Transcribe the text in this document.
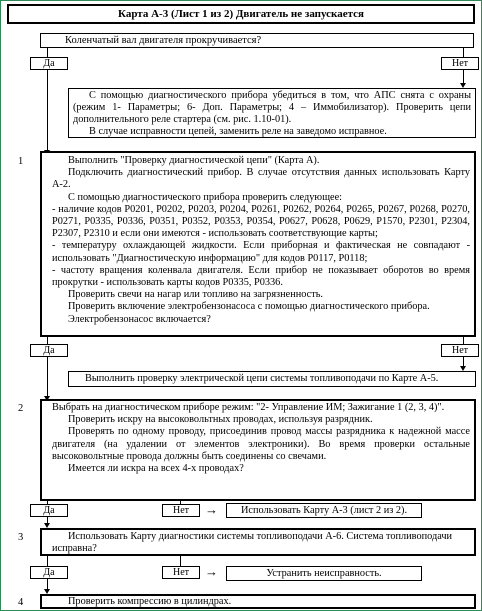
Карта А-3 (Лист 1 из 2) Двигатель не запускается
Коленчатый вал двигателя прокручивается?
Да	Нет

С помощью диагностического прибора убедиться в том, что АПС снята с охраны (режим 1- Параметры; 6- Доп. Параметры; 4 – Иммобилизатор). Проверить цепи дополнительного реле стартера (см. рис. 1.10-01).

В случае исправности цепей, заменить реле на заведомо исправное.

1	Выполнить "Проверку диагностической цепи" (Карта А).

Подключить диагностический прибор. В случае отсутствия данных использовать Карту А-2.

С помощью диагностического прибора проверить следующее:

- наличие кодов P0201, P0202, P0203, P0204, P0261, P0262, P0264, P0265, P0267, P0268, P0270, P0271, P0335, P0336, P0351, P0352, P0353, P0354, P0627, P0628, P0629, P1570, P2301, P2304, P2307, P2310 и если они имеются - использовать соответствующие карты;

- температуру охлаждающей жидкости. Если приборная и фактическая не совпадают - использовать "Диагностическую информацию" для кодов P0117, P0118;

- частоту вращения коленвала двигателя. Если прибор не показывает оборотов во время прокрутки - использовать карты кодов P0335, P0336.

Проверить свечи на нагар или топливо на загрязненность.

Проверить включение электробензонасоса с помощью диагностического прибора.

Электробензонасос включается?

Да	Нет
Выполнить проверку электрической цепи системы топливоподачи по Карте А-5.
2	Выбрать на диагностическом приборе режим: "2- Управление ИМ; Зажигание 1 (2, 3, 4)".

Проверить искру на высоковольтных проводах, используя разрядник.

Проверять по одному проводу, присоединив провод массы разрядника к надежной массе двигателя (на удалении от элементов электроники). Во время проверки остальные высоковольтные провода должны быть соединены со свечами.

Имеется ли искра на всех 4-х проводах?

Да	Нет	→	Использовать Карту А-3 (лист 2 из 2).
3	Использовать Карту диагностики системы топливоподачи А-6. Система топливоподачи исправна?

Да	Нет	→	Устранить неисправность.
4	Проверить компрессию в цилиндрах.
